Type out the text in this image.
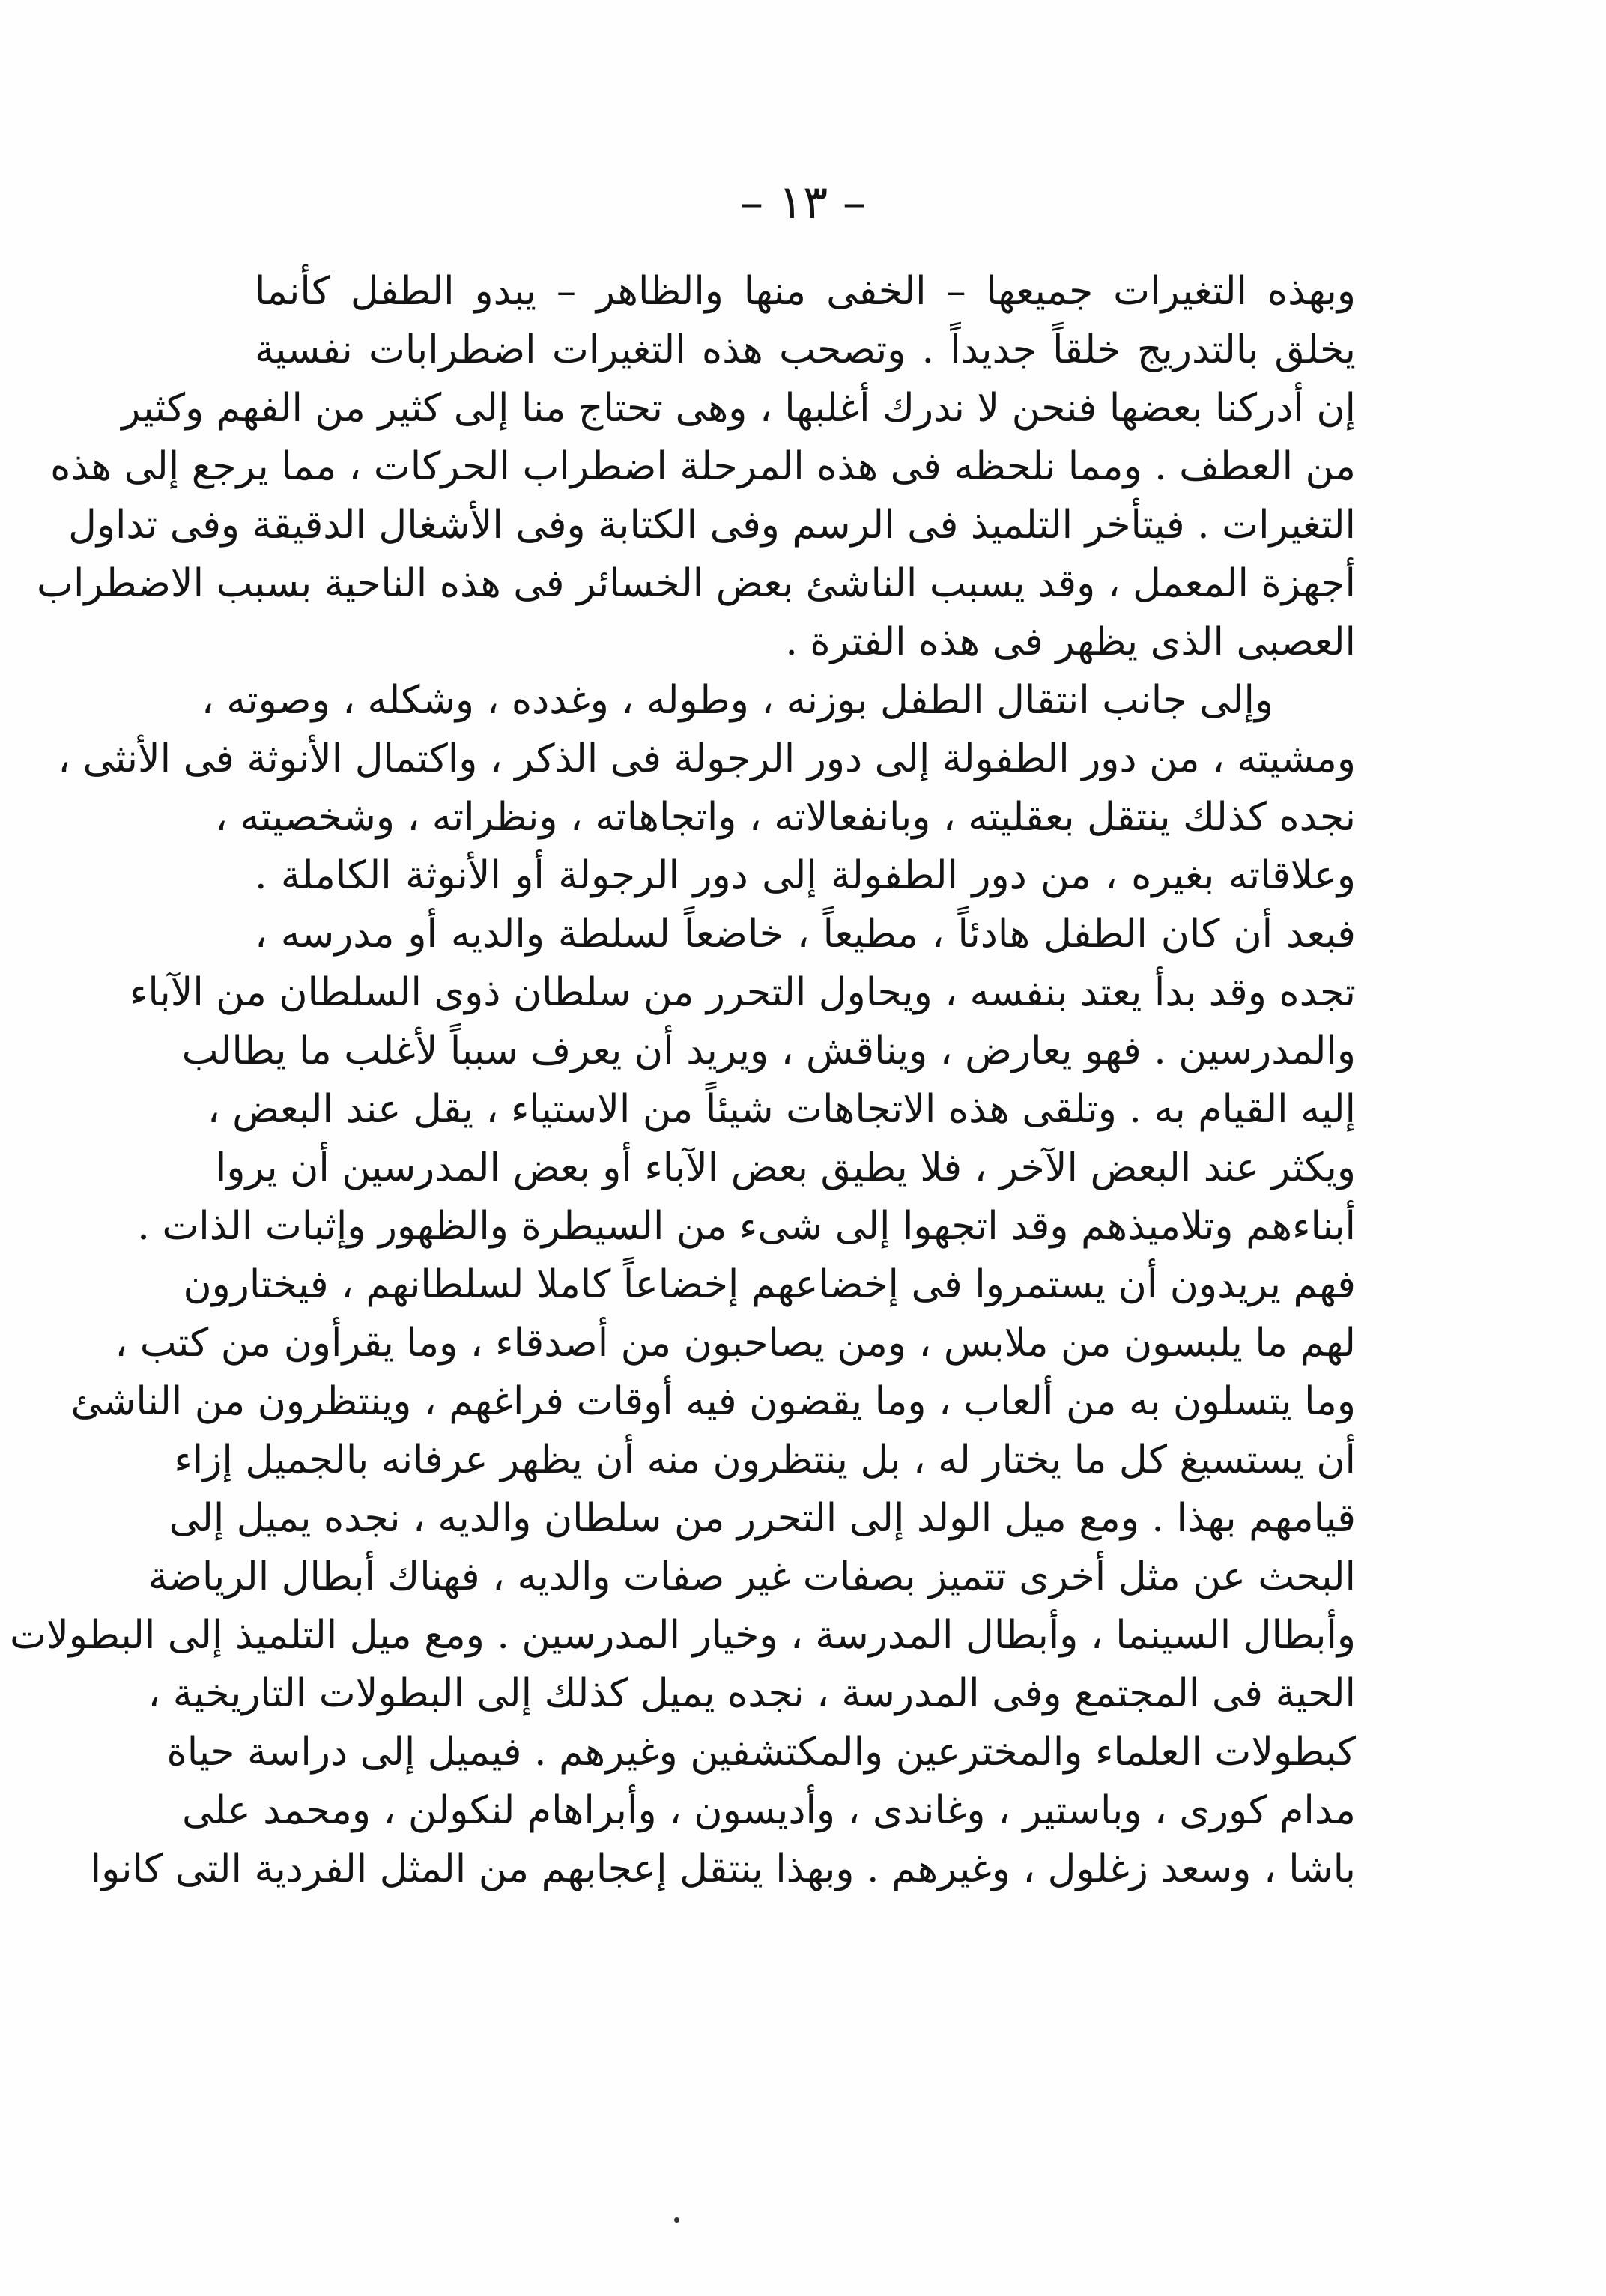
– ١٣ –
وبهذه التغيرات جميعها – الخفى منها والظاهر – يبدو الطفل كأنما
يخلق بالتدريج خلقاً جديداً . وتصحب هذه التغيرات اضطرابات نفسية
إن أدركنا بعضها فنحن لا ندرك أغلبها ، وهى تحتاج منا إلى كثير من الفهم وكثير
من العطف . ومما نلحظه فى هذه المرحلة اضطراب الحركات ، مما يرجع إلى هذه
التغيرات . فيتأخر التلميذ فى الرسم وفى الكتابة وفى الأشغال الدقيقة وفى تداول
أجهزة المعمل ، وقد يسبب الناشئ بعض الخسائر فى هذه الناحية بسبب الاضطراب
العصبى الذى يظهر فى هذه الفترة .
وإلى جانب انتقال الطفل بوزنه ، وطوله ، وغدده ، وشكله ، وصوته ،
ومشيته ، من دور الطفولة إلى دور الرجولة فى الذكر ، واكتمال الأنوثة فى الأنثى ،
نجده كذلك ينتقل بعقليته ، وبانفعالاته ، واتجاهاته ، ونظراته ، وشخصيته ،
وعلاقاته بغيره ، من دور الطفولة إلى دور الرجولة أو الأنوثة الكاملة .
فبعد أن كان الطفل هادئاً ، مطيعاً ، خاضعاً لسلطة والديه أو مدرسه ،
تجده وقد بدأ يعتد بنفسه ، ويحاول التحرر من سلطان ذوى السلطان من الآباء
والمدرسين . فهو يعارض ، ويناقش ، ويريد أن يعرف سبباً لأغلب ما يطالب
إليه القيام به . وتلقى هذه الاتجاهات شيئاً من الاستياء ، يقل عند البعض ،
ويكثر عند البعض الآخر ، فلا يطيق بعض الآباء أو بعض المدرسين أن يروا
أبناءهم وتلاميذهم وقد اتجهوا إلى شىء من السيطرة والظهور وإثبات الذات .
فهم يريدون أن يستمروا فى إخضاعهم إخضاعاً كاملا لسلطانهم ، فيختارون
لهم ما يلبسون من ملابس ، ومن يصاحبون من أصدقاء ، وما يقرأون من كتب ،
وما يتسلون به من ألعاب ، وما يقضون فيه أوقات فراغهم ، وينتظرون من الناشئ
أن يستسيغ كل ما يختار له ، بل ينتظرون منه أن يظهر عرفانه بالجميل إزاء
قيامهم بهذا . ومع ميل الولد إلى التحرر من سلطان والديه ، نجده يميل إلى
البحث عن مثل أخرى تتميز بصفات غير صفات والديه ، فهناك أبطال الرياضة
وأبطال السينما ، وأبطال المدرسة ، وخيار المدرسين . ومع ميل التلميذ إلى البطولات
الحية فى المجتمع وفى المدرسة ، نجده يميل كذلك إلى البطولات التاريخية ،
كبطولات العلماء والمخترعين والمكتشفين وغيرهم . فيميل إلى دراسة حياة
مدام كورى ، وباستير ، وغاندى ، وأديسون ، وأبراهام لنكولن ، ومحمد على
باشا ، وسعد زغلول ، وغيرهم . وبهذا ينتقل إعجابهم من المثل الفردية التى كانوا
